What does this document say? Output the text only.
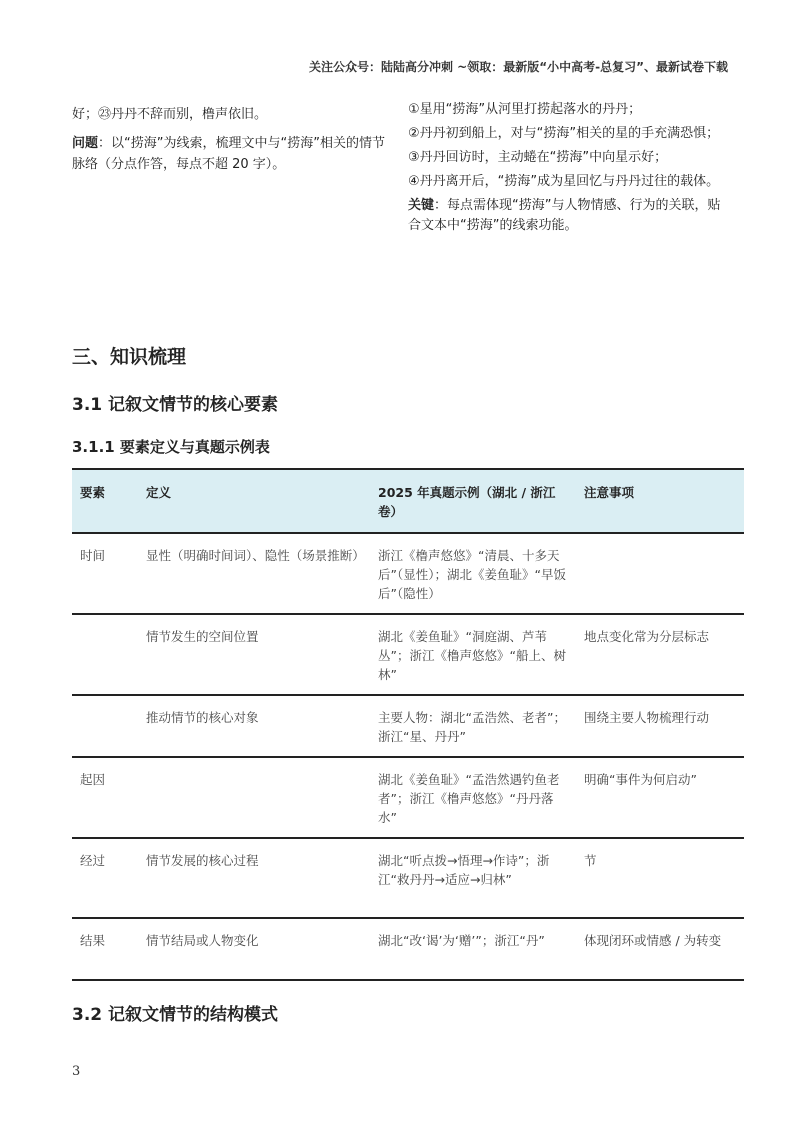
关注公众号：陆陆高分冲刺 ~领取：最新版“小中高考-总复习”、最新试卷下载

好；㉓丹丹不辞而别，橹声依旧。

问题：以“捞海”为线索，梳理文中与“捞海”相关的情节脉络（分点作答，每点不超 20 字）。

①星用“捞海”从河里打捞起落水的丹丹；

②丹丹初到船上，对与“捞海”相关的星的手充满恐惧；

③丹丹回访时，主动蜷在“捞海”中向星示好；

④丹丹离开后，“捞海”成为星回忆与丹丹过往的载体。

关键：每点需体现“捞海”与人物情感、行为的关联，贴合文本中“捞海”的线索功能。

三、知识梳理
3.1 记叙文情节的核心要素
3.1.1 要素定义与真题示例表
要素	定义	2025 年真题示例（湖北 / 浙江卷）	注意事项
时间	显性（明确时间词）、隐性（场景推断）	浙江《橹声悠悠》“清晨、十多天后”（显性）；湖北《姜鱼耻》“早饭后”（隐性）	
	情节发生的空间位置	湖北《姜鱼耻》“洞庭湖、芦苇丛”；浙江《橹声悠悠》“船上、树林”	地点变化常为分层标志
	推动情节的核心对象	主要人物：湖北“孟浩然、老者”；浙江“星、丹丹”	围绕主要人物梳理行动
起因		湖北《姜鱼耻》“孟浩然遇钓鱼老者”；浙江《橹声悠悠》“丹丹落水”	明确“事件为何启动”
经过	情节发展的核心过程	湖北“听点拨→悟理→作诗”；浙江“救丹丹→适应→归林”	节
结果	情节结局或人物变化	湖北“改‘谒’为‘赠’”；浙江“丹”	体现闭环或情感 / 为转变
3.2 记叙文情节的结构模式
3
